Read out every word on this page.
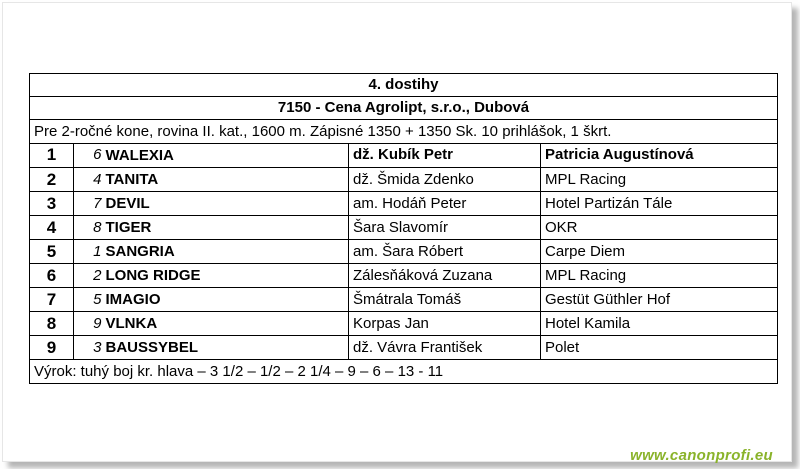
4. dostihy				
7150 - Cena Agrolipt, s.r.o., Dubová				
Pre 2-ročné kone, rovina II. kat., 1600 m. Zápisné 1350 + 1350 Sk. 10 prihlášok, 1 škrt.				
1	6	WALEXIA	dž. Kubík Petr	Patricia Augustínová
2	4	TANITA	dž. Šmida Zdenko	MPL Racing
3	7	DEVIL	am. Hodáň Peter	Hotel Partizán Tále
4	8	TIGER	Šara Slavomír	OKR
5	1	SANGRIA	am. Šara Róbert	Carpe Diem
6	2	LONG RIDGE	Zálesňáková Zuzana	MPL Racing
7	5	IMAGIO	Šmátrala Tomáš	Gestüt Güthler Hof
8	9	VLNKA	Korpas Jan	Hotel Kamila
9	3	BAUSSYBEL	dž. Vávra František	Polet
Výrok: tuhý boj kr. hlava – 3 1/2 – 1/2 – 2 1/4 – 9 – 6 – 13 - 11				
www.canonprofi.eu
